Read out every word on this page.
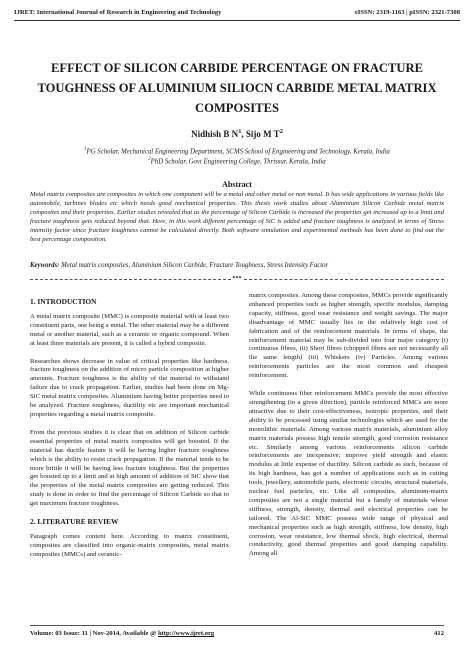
IJRET: International Journal of Research in Engineering and Technology	eISSN: 2319-1163 | pISSN: 2321-7308
EFFECT OF SILICON CARBIDE PERCENTAGE ON FRACTURE TOUGHNESS OF ALUMINIUM SILIOCN CARBIDE METAL MATRIX COMPOSITES
Nidhish B $N^1$, Sijo M $T^2$
$^1$PG Scholar, Mechanical Engineering Department, SCMS School of Engineering and Technology, Kerala, India
$^2$PhD Scholar, Govt Engineering College, Thrissur, Kerala, India
Abstract
Metal matrix composites are composites in which one component will be a metal and other metal or non metal. It has wide applications in various fields like automobile, turbines blades etc which needs good mechanical properties. This thesis work studies about Aluminium Silicon Carbide metal matrix composites and their properties. Earlier studies revealed that as the percentage of Silicon Carbide is increased the properties get increased up to a limit and fracture toughness gets reduced beyond that. Here, in this work different percentage of SiC is added and fracture toughness is analyzed in terms of Stress intensity factor since fracture toughness cannot be calculated directly. Both software simulation and experimental methods has been done to find out the best percentage composition.
Keywords: Metal matrix composites, Aluminium Silicon Carbide, Fracture Toughness, Stress Intensity Factor
***
1. INTRODUCTION

A metal matrix composite (MMC) is composite material with at least two constituent parts, one being a metal. The other material may be a different metal or another material, such as a ceramic or organic compound. When at least three materials are present, it is called a hybrid composite.

Researches shows decrease in value of critical properties like hardness, fracture toughness on the addition of micro particle composition at higher amounts. Fracture toughness is the ability of the material to withstand failure due to crack propagation. Earlier, studies had been done on Mg-SiC metal matrix composites. Aluminium having better properties need to be analyzed. Fracture toughness, ductility etc are important mechanical properties regarding a metal matrix composite.

From the previous studies it is clear that on addition of Silicon carbide essential properties of metal matrix composites will get boosted. If the material has ductile feature it will be having higher fracture toughness which is the ability to resist crack propagation. If the material tends to be more brittle it will be having less fracture toughness. But the properties get boosted up to a limit and at high amount of addition of SiC show that the properties of the metal matrix composites are getting reduced. This study is done in order to find the percentage of Silicon Carbide so that to get maximum fracture toughness.

2. LITERATURE REVIEW

Paragraph comes content here. According to matrix constituent, composites are classified into organic-matrix composites, metal matrix composites (MMCs) and ceramic-

matrix composites. Among these composites, MMCs provide significantly enhanced properties such as higher strength, specific modulus, damping capacity, stiffness, good wear resistance and weight savings. The major disadvantage of MMC usually lies in the relatively high cost of fabrication and of the reinforcement materials. In terms of shape, the reinforcement material may be sub-divided into four major category (i) continuous fibres, (ii) Short fibres (chopped fibres are not necessarily all the same length) (iii) Whiskers (iv) Particles. Among various reinforcements particles are the most common and cheapest reinforcement.

While continuous fiber reinforcement MMCs provide the most effective strengthening (in a given direction), particle reinforced MMCs are more attractive due to their cost-effectiveness, isotropic properties, and their ability to be processed using similar technologies which are used for the monolithic materials. Among various matrix materials, aluminium alloy matrix materials possess high tensile strength, good corrosion resistance etc. Similarly among various reinforcements silicon carbide reinforcements are inexpensive; improve yield strength and elastic modulus at little expense of ductility. Silicon carbide as such, because of its high hardness, has got a number of applications such as in cutting tools, jewellery, automobile parts, electronic circuits, structural materials, nuclear fuel particles, etc. Like all composites, aluminum-matrix composites are not a single material but a family of materials whose stiffness, strength, density, thermal and electrical properties can be tailored. The Al-SiC MMC possess wide range of physical and mechanical properties such as high strength, stiffness, low density, high corrosion, wear resistance, low thermal shock, high electrical, thermal conductivity, good thermal properties and good damping capability. Among all

Volume: 03 Issue: 11 | Nov-2014, Available @ http://www.ijret.org	412
